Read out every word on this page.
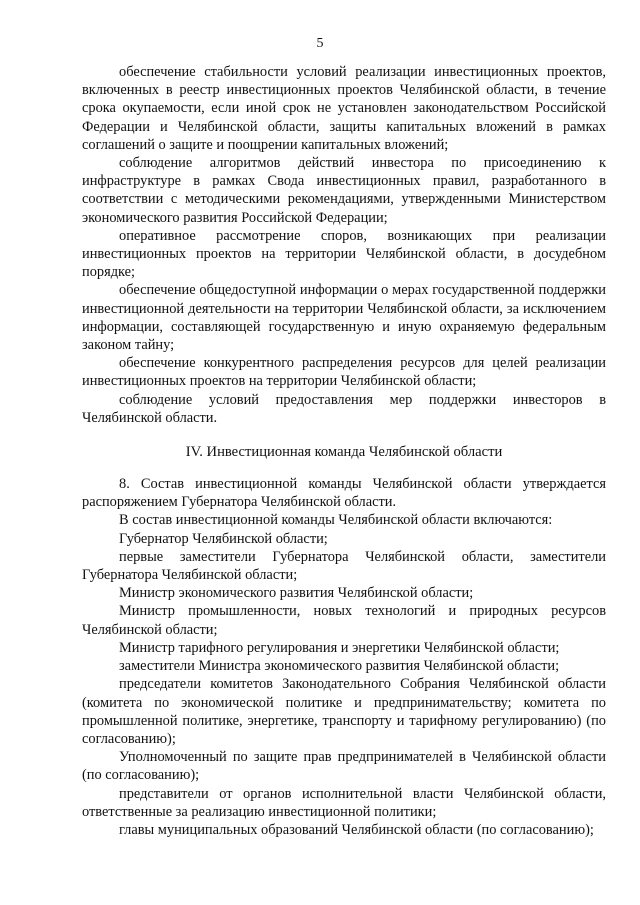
5

обеспечение стабильности условий реализации инвестиционных проектов, включенных в реестр инвестиционных проектов Челябинской области, в течение срока окупаемости, если иной срок не установлен законодательством Российской Федерации и Челябинской области, защиты капитальных вложений в рамках соглашений о защите и поощрении капитальных вложений;

соблюдение алгоритмов действий инвестора по присоединению к инфраструктуре в рамках Свода инвестиционных правил, разработанного в соответствии с методическими рекомендациями, утвержденными Министерством экономического развития Российской Федерации;

оперативное рассмотрение споров, возникающих при реализации инвестиционных проектов на территории Челябинской области, в досудебном порядке;

обеспечение общедоступной информации о мерах государственной поддержки инвестиционной деятельности на территории Челябинской области, за исключением информации, составляющей государственную и иную охраняемую федеральным законом тайну;

обеспечение конкурентного распределения ресурсов для целей реализации инвестиционных проектов на территории Челябинской области;

соблюдение условий предоставления мер поддержки инвесторов в Челябинской области.

IV. Инвестиционная команда Челябинской области

8. Состав инвестиционной команды Челябинской области утверждается распоряжением Губернатора Челябинской области.

В состав инвестиционной команды Челябинской области включаются:

Губернатор Челябинской области;

первые заместители Губернатора Челябинской области, заместители Губернатора Челябинской области;

Министр экономического развития Челябинской области;

Министр промышленности, новых технологий и природных ресурсов Челябинской области;

Министр тарифного регулирования и энергетики Челябинской области;

заместители Министра экономического развития Челябинской области;

председатели комитетов Законодательного Собрания Челябинской области (комитета по экономической политике и предпринимательству; комитета по промышленной политике, энергетике, транспорту и тарифному регулированию) (по согласованию);

Уполномоченный по защите прав предпринимателей в Челябинской области (по согласованию);

представители от органов исполнительной власти Челябинской области, ответственные за реализацию инвестиционной политики;

главы муниципальных образований Челябинской области (по согласованию);
